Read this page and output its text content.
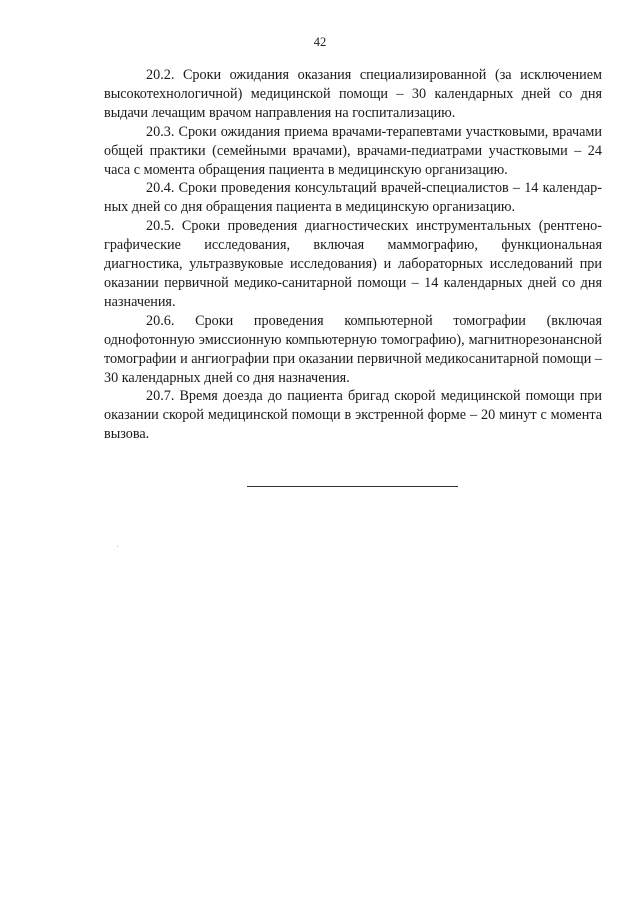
42

20.2. Сроки ожидания оказания специализированной (за исключением высокотехнологичной) медицинской помощи – 30 календарных дней со дня выдачи лечащим врачом направления на госпитализацию.

20.3. Сроки ожидания приема врачами-терапевтами участковыми, врачами общей практики (семейными врачами), врачами-педиатрами участковыми – 24 часа с момента обращения пациента в медицинскую организацию.

20.4. Сроки проведения консультаций врачей-специалистов – 14 календарных дней со дня обращения пациента в медицинскую организацию.

20.5. Сроки проведения диагностических инструментальных (рентгенографические исследования, включая маммографию, функциональная диагностика, ультразвуковые исследования) и лабораторных исследований при оказании первичной медико-санитарной помощи – 14 календарных дней со дня назначения.

20.6. Сроки проведения компьютерной томографии (включая однофотонную эмиссионную компьютерную томографию), магнитнорезонансной томографии и ангиографии при оказании первичной медикосанитарной помощи – 30 календарных дней со дня назначения.

20.7. Время доезда до пациента бригад скорой медицинской помощи при оказании скорой медицинской помощи в экстренной форме – 20 минут с момента вызова.
